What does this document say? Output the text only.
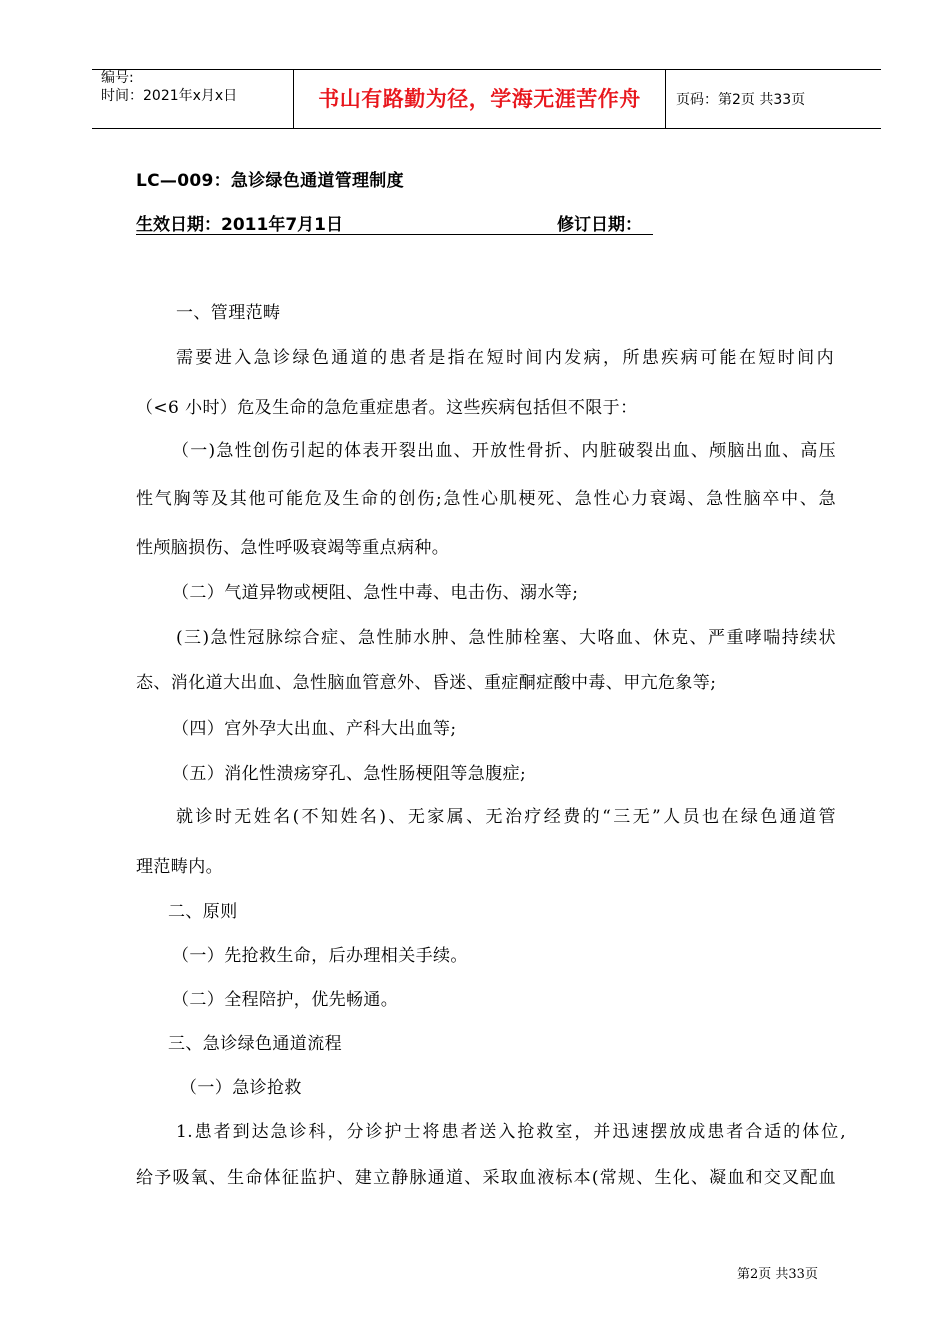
编号:
时间：2021年x月x日	书山有路勤为径，学海无涯苦作舟	页码：第2页 共33页
LC—009：急诊绿色通道管理制度
生效日期：2011年7月1日	修订日期：
一、管理范畴
需要进入急诊绿色通道的患者是指在短时间内发病，所患疾病可能在短时间内
（<6 小时）危及生命的急危重症患者。这些疾病包括但不限于：
（一)急性创伤引起的体表开裂出血、开放性骨折、内脏破裂出血、颅脑出血、高压
性气胸等及其他可能危及生命的创伤;急性心肌梗死、急性心力衰竭、急性脑卒中、急
性颅脑损伤、急性呼吸衰竭等重点病种。
（二）气道异物或梗阻、急性中毒、电击伤、溺水等;
(三)急性冠脉综合症、急性肺水肿、急性肺栓塞、大咯血、休克、严重哮喘持续状
态、消化道大出血、急性脑血管意外、昏迷、重症酮症酸中毒、甲亢危象等;
（四）宫外孕大出血、产科大出血等;
（五）消化性溃疡穿孔、急性肠梗阻等急腹症;
就诊时无姓名(不知姓名)、无家属、无治疗经费的“三无”人员也在绿色通道管
理范畴内。
二、原则
（一）先抢救生命，后办理相关手续。
（二）全程陪护，优先畅通。
三、急诊绿色通道流程
（一）急诊抢救
1.患者到达急诊科，分诊护士将患者送入抢救室，并迅速摆放成患者合适的体位,
给予吸氧、生命体征监护、建立静脉通道、采取血液标本(常规、生化、凝血和交叉配血
第2页 共33页
